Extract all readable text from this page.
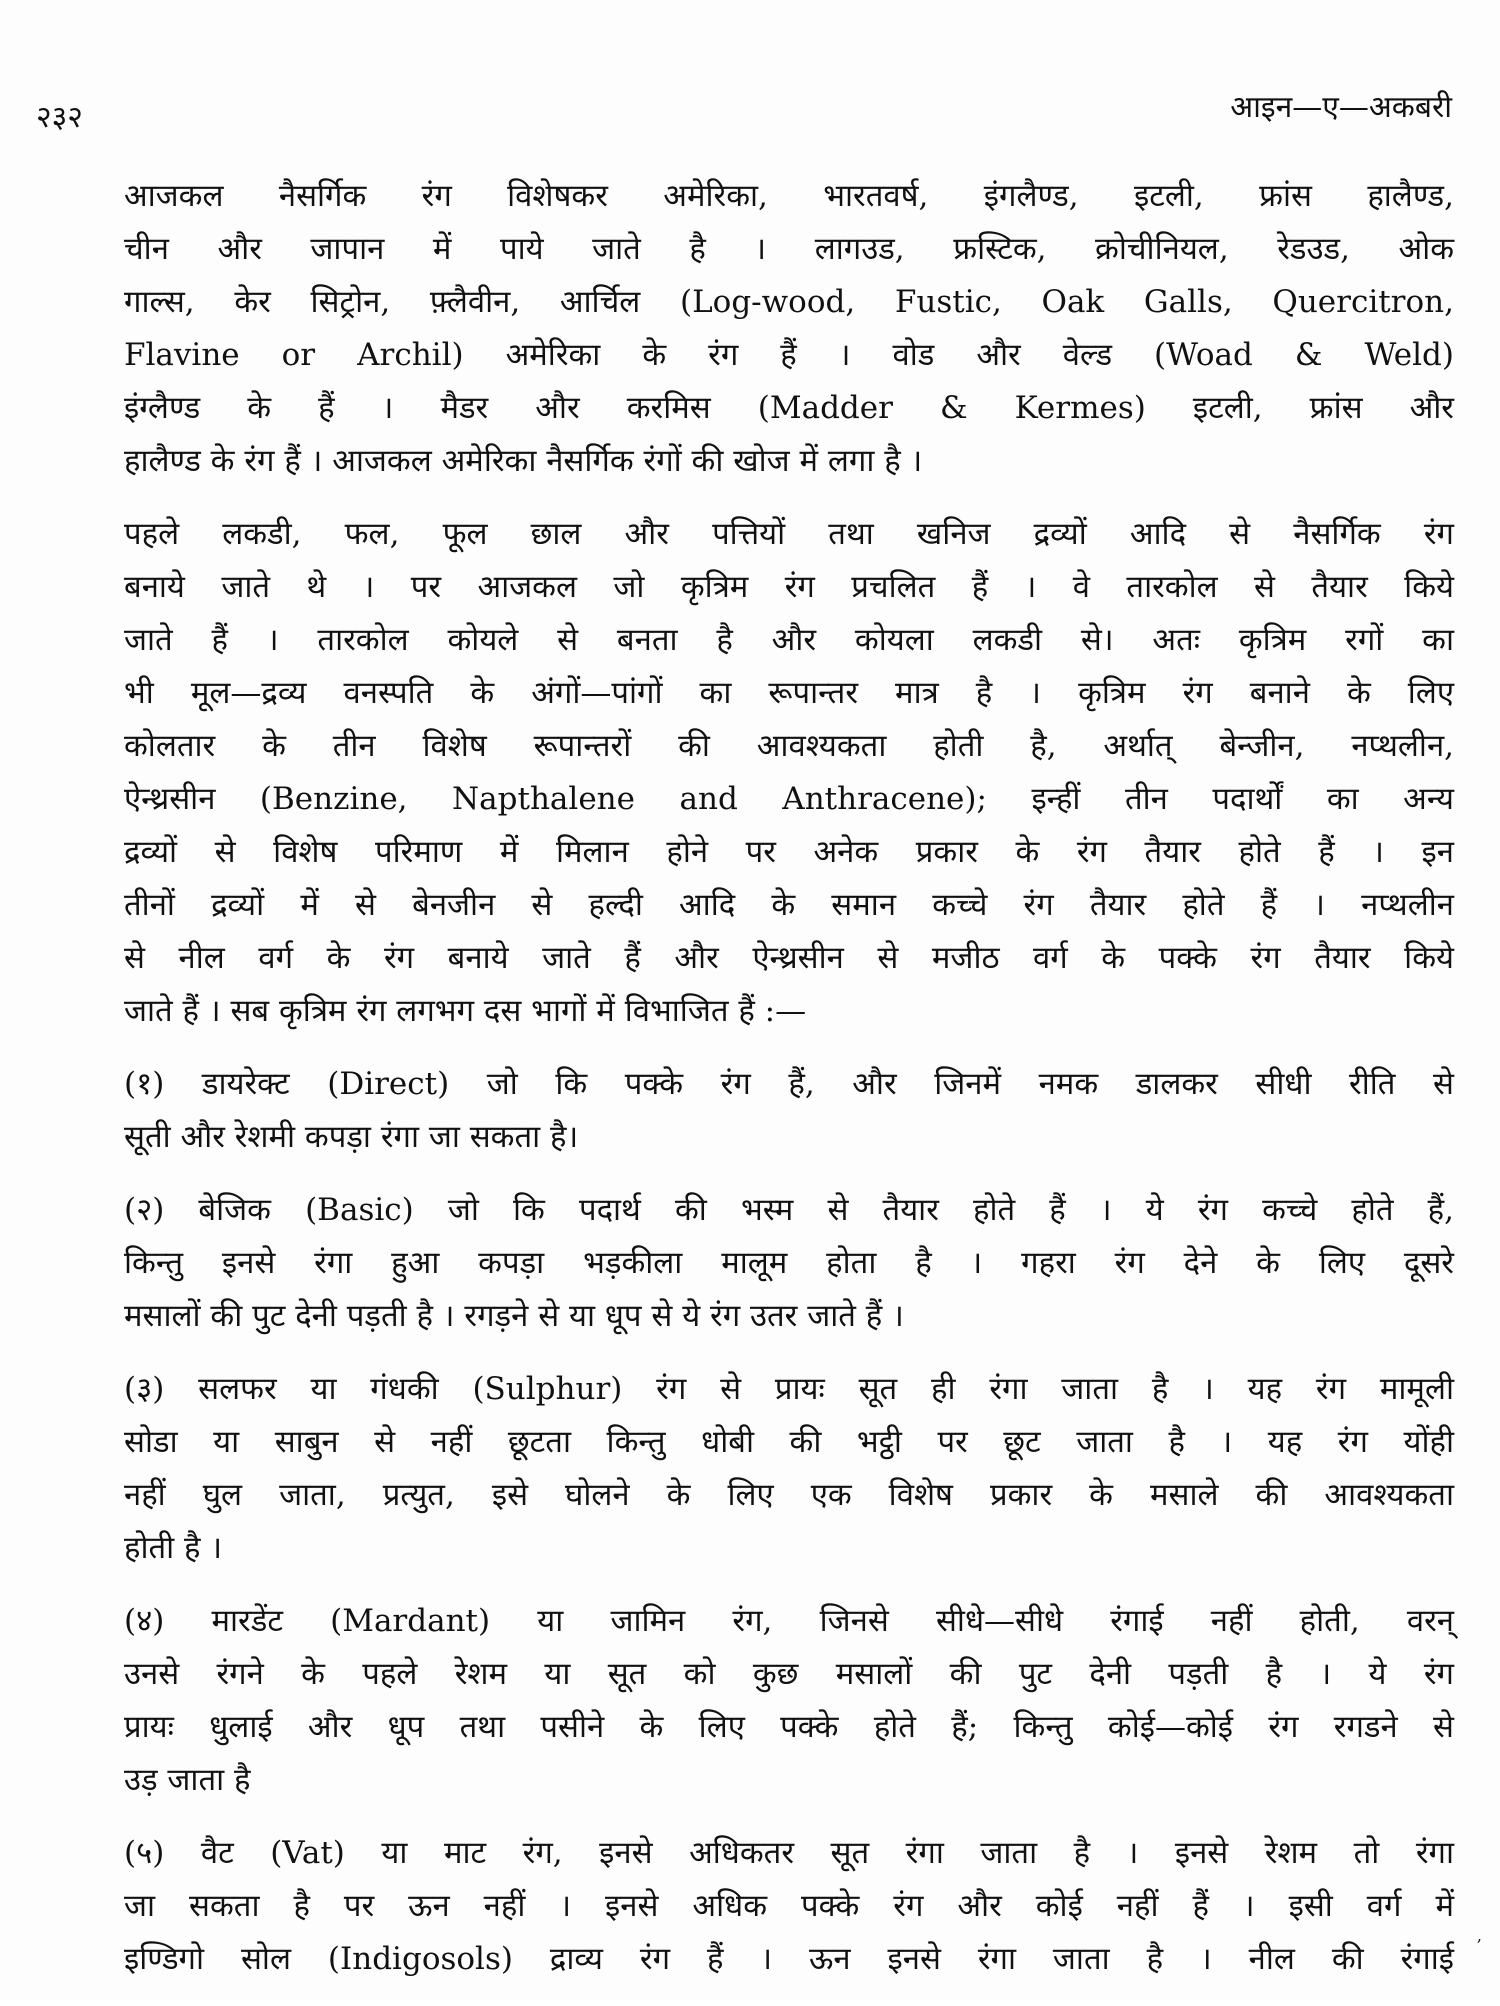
२३२	आइन—ए—अकबरी

आजकल नैसर्गिक रंग विशेषकर अमेरिका, भारतवर्ष, इंगलैण्ड, इटली, फ्रांस हालैण्ड,
चीन और जापान में पाये जाते है । लागउड, फ्रस्टिक, क्रोचीनियल, रेडउड, ओक
गाल्स, केर सिट्रोन, फ़्लैवीन, आर्चिल (Log-wood, Fustic, Oak Galls, Quercitron,
Flavine or Archil) अमेरिका के रंग हैं । वोड और वेल्ड (Woad & Weld)
इंग्लैण्ड के हैं । मैडर और करमिस (Madder & Kermes) इटली, फ्रांस और
हालैण्ड के रंग हैं । आजकल अमेरिका नैसर्गिक रंगों की खोज में लगा है ।

पहले लकडी, फल, फूल छाल और पत्तियों तथा खनिज द्रव्यों आदि से नैसर्गिक रंग
बनाये जाते थे । पर आजकल जो कृत्रिम रंग प्रचलित हैं । वे तारकोल से तैयार किये
जाते हैं । तारकोल कोयले से बनता है और कोयला लकडी से। अतः कृत्रिम रगों का
भी मूल—द्रव्य वनस्पति के अंगों—पांगों का रूपान्तर मात्र है । कृत्रिम रंग बनाने के लिए
कोलतार के तीन विशेष रूपान्तरों की आवश्यकता होती है, अर्थात् बेन्जीन, नप्थलीन,
ऐन्थ्रसीन (Benzine, Napthalene and Anthracene); इन्हीं तीन पदार्थों का अन्य
द्रव्यों से विशेष परिमाण में मिलान होने पर अनेक प्रकार के रंग तैयार होते हैं । इन
तीनों द्रव्यों में से बेनजीन से हल्दी आदि के समान कच्चे रंग तैयार होते हैं । नप्थलीन
से नील वर्ग के रंग बनाये जाते हैं और ऐन्थ्रसीन से मजीठ वर्ग के पक्के रंग तैयार किये
जाते हैं । सब कृत्रिम रंग लगभग दस भागों में विभाजित हैं :—

(१) डायरेक्ट (Direct) जो कि पक्के रंग हैं, और जिनमें नमक डालकर सीधी रीति से
सूती और रेशमी कपड़ा रंगा जा सकता है।

(२) बेजिक (Basic) जो कि पदार्थ की भस्म से तैयार होते हैं । ये रंग कच्चे होते हैं,
किन्तु इनसे रंगा हुआ कपड़ा भड़कीला मालूम होता है । गहरा रंग देने के लिए दूसरे
मसालों की पुट देनी पड़ती है । रगड़ने से या धूप से ये रंग उतर जाते हैं ।

(३) सलफर या गंधकी (Sulphur) रंग से प्रायः सूत ही रंगा जाता है । यह रंग मामूली
सोडा या साबुन से नहीं छूटता किन्तु धोबी की भट्ठी पर छूट जाता है । यह रंग योंही
नहीं घुल जाता, प्रत्युत, इसे घोलने के लिए एक विशेष प्रकार के मसाले की आवश्यकता
होती है ।

(४) मारडेंट (Mardant) या जामिन रंग, जिनसे सीधे—सीधे रंगाई नहीं होती, वरन्
उनसे रंगने के पहले रेशम या सूत को कुछ मसालों की पुट देनी पड़ती है । ये रंग
प्रायः धुलाई और धूप तथा पसीने के लिए पक्के होते हैं; किन्तु कोई—कोई रंग रगडने से
उड़ जाता है

(५) वैट (Vat) या माट रंग, इनसे अधिकतर सूत रंगा जाता है । इनसे रेशम तो रंगा
जा सकता है पर ऊन नहीं । इनसे अधिक पक्के रंग और कोई नहीं हैं । इसी वर्ग में
इण्डिगो सोल (Indigosols) द्राव्य रंग हैं । ऊन इनसे रंगा जाता है । नील की रंगाई

,
